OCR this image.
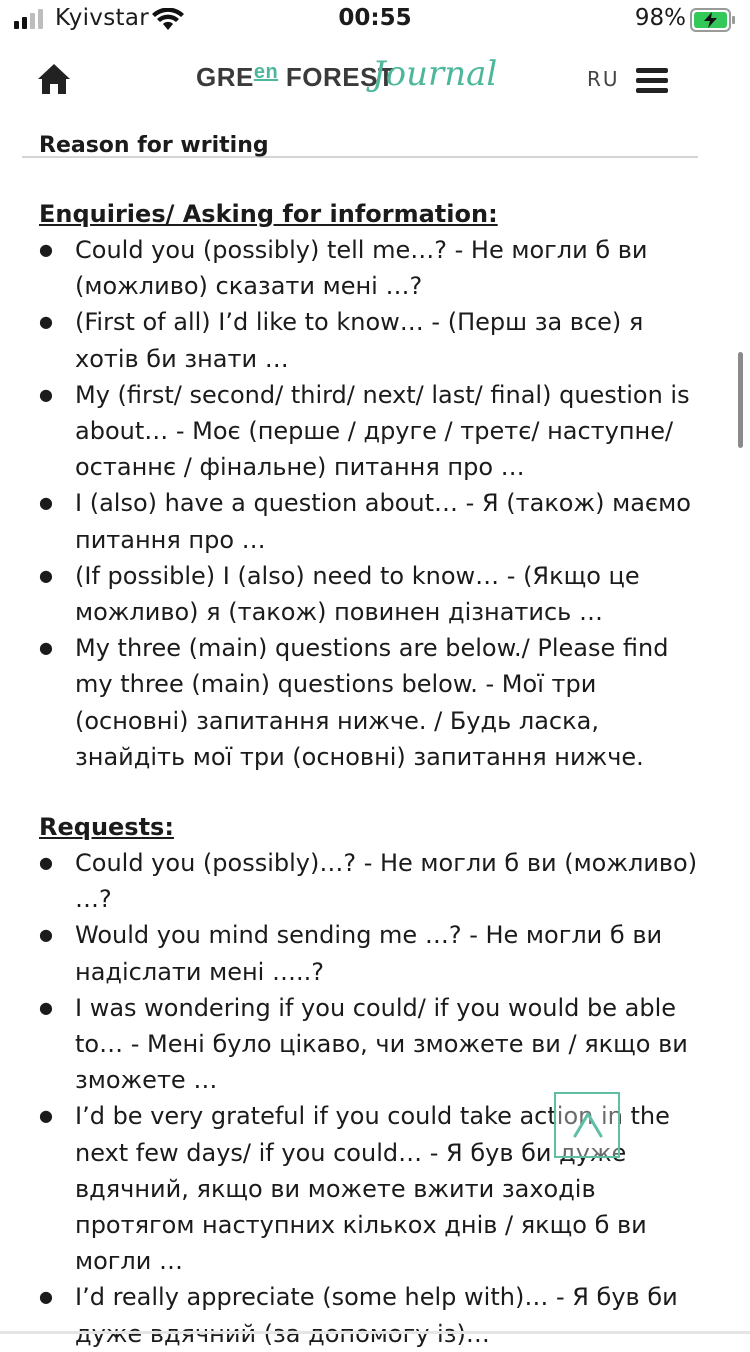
Kyivstar	00:55	98%
$GRE^{en}$ FOREST
Journal	RU

Reason for writing

Enquiries/ Asking for information:

● Could you (possibly) tell me…? - Не могли б ви (можливо) сказати мені …?
● (First of all) I’d like to know… - (Перш за все) я хотів би знати …
● My (first/ second/ third/ next/ last/ final) question is about… - Моє (перше / друге / третє/ наступне/ останнє / фінальне) питання про …
● I (also) have a question about… - Я (також) маємо питання про …
● (If possible) I (also) need to know… - (Якщо це можливо) я (також) повинен дізнатись …
● My three (main) questions are below./ Please find my three (main) questions below. - Мої три (основні) запитання нижче. / Будь ласка, знайдіть мої три (основні) запитання нижче.

Requests:

● Could you (possibly)…? - Не могли б ви (можливо) …?
● Would you mind sending me …? - Не могли б ви надіслати мені …..?
● I was wondering if you could/ if you would be able to… - Мені було цікаво, чи зможете ви / якщо ви зможете …
● I’d be very grateful if you could take action in the next few days/ if you could… - Я був би дуже вдячний, якщо ви можете вжити заходів протягом наступних кількох днів / якщо б ви могли …
● I’d really appreciate (some help with)… - Я був би
